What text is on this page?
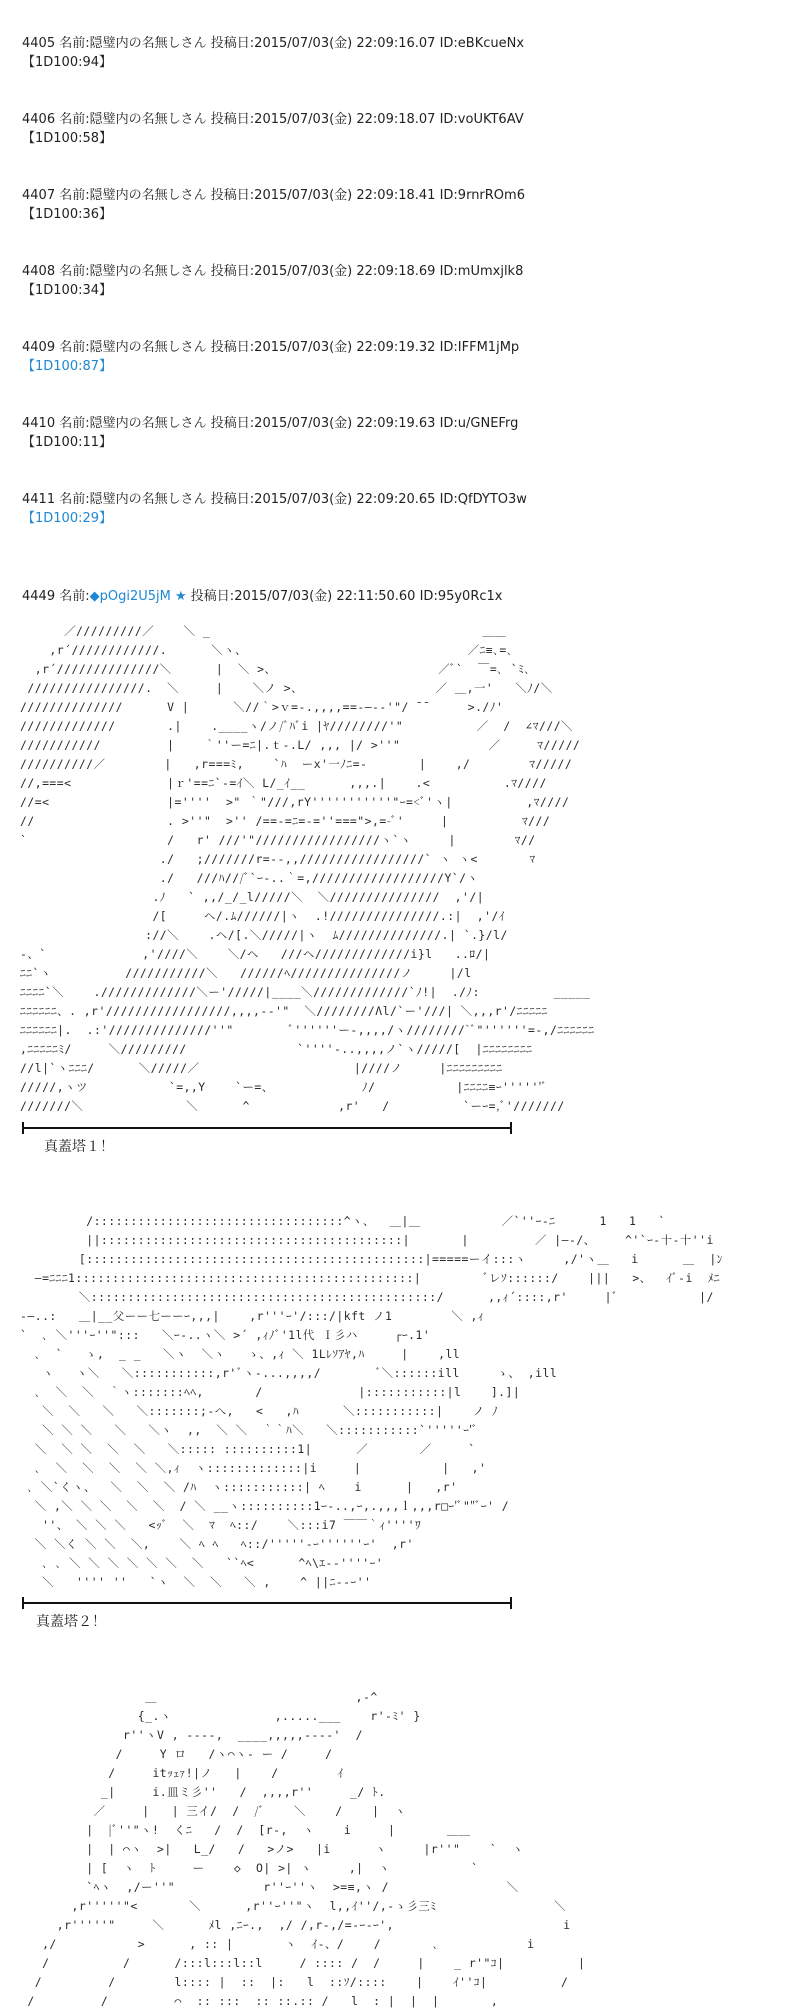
4405 名前:隠璧内の名無しさん 投稿日:2015/07/03(金) 22:09:16.07 ID:eBKcueNx
【1D100:94】
4406 名前:隠璧内の名無しさん 投稿日:2015/07/03(金) 22:09:18.07 ID:voUKT6AV
【1D100:58】
4407 名前:隠璧内の名無しさん 投稿日:2015/07/03(金) 22:09:18.41 ID:9rnrROm6
【1D100:36】
4408 名前:隠璧内の名無しさん 投稿日:2015/07/03(金) 22:09:18.69 ID:mUmxjlk8
【1D100:34】
4409 名前:隠璧内の名無しさん 投稿日:2015/07/03(金) 22:09:19.32 ID:IFFM1jMp
【1D100:87】
4410 名前:隠璧内の名無しさん 投稿日:2015/07/03(金) 22:09:19.63 ID:u/GNEFrg
【1D100:11】
4411 名前:隠璧内の名無しさん 投稿日:2015/07/03(金) 22:09:20.65 ID:QfDYTO3w
【1D100:29】
4449 名前:◆pOgi2U5jM ★ 投稿日:2015/07/03(金) 22:11:50.60 ID:95y0Rc1x
／/////////／    ＼ _                                     ＿＿
,r´////////////.      ＼ヽ、                              ／ﾆ≡､=､
,r´//////////////＼      |  ＼ >、                      ／ﾞ`  ￣=､ `ﾐ､
////////////////.  ＼     |    ＼ノ >、                  ／ ＿,一'   ＼ﾉ/＼
//////////////      V |      ＼//｀>ｖ=-.,,,,==-―‐‐'"/ ̄ ̄      >./ﾉ'
/////////////       .|    .____ヽ/ノ/ﾞﾊﾞi |ﾔ////////'"          ／  /  ∠ﾏ///＼
///////////         |    ｀''ー=ﾆ|.ｔ-.L/ ,,, |/ >''"            ／     ﾏ/////
//////////／        |   ,r===ﾐ,    `ﾊ  ーx'一ﾉﾆ=-       |    ,/        ﾏ/////
//,===<             |ｒ'==ﾆ`-=ｲ＼ L/_ｲ__      ,,,.|    .<          .ﾏ////
//=<                |=''''  >" ｀"///,rY'''''''''''"ｰ=<ﾞ'ヽ|          ,ﾏ////
//                  . >''"  >'' /==-=ﾆ=-=''===">,=-ﾞ'     |          ﾏ///
`                   /   r' ///'"/////////////////ヽ`ヽ     |        ﾏ//
./   ;///////r=--,,/////////////////` ヽ ヽ<       ﾏ
./   ///ﾊ///ﾞ`ｰ-..｀=,//////////////////Y`/ヽ
.ﾉ   ` ,,/_/_l/////＼  ＼///////////////  ,'/|
/[     ヘ/.ﾑ//////|ヽ  .!///////////////.:|  ,'/ｲ
://＼    .ヘ/[.＼/////|ヽ  ﾑ//////////////.| `.}/l/
-、`             ,'////＼    ＼/ヘ   ///ヘ/////////////i}l   ..ﾛ/|
ﾆﾆ`ヽ          ///////////＼   //////ﾍ///////////////ノ     |/l
ﾆﾆﾆﾆ`＼    ./////////////＼ー'/////|____＼/////////////`ﾉ!|  ./ﾉ:          _____
ﾆﾆﾆﾆﾆﾆ、. ,r'/////////////////,,,,--'"  ＼////////Λl/`ー'///| ＼,,,r'/ﾆﾆﾆﾆﾆ
ﾆﾆﾆﾆﾆﾆ|.  .:'//////////////''"        ﾞ''''''ー-,,,,/ヽ////////`ﾞ"''''''=-,/ﾆﾆﾆﾆﾆﾆ
,ﾆﾆﾆﾆﾆﾐ/     ＼/////////               `''''-..,,,,ノ`ヽ/////[  |ﾆﾆﾆﾆﾆﾆﾆﾆ
//l|`ヽﾆﾆﾆ/      ＼/////／                     |////ノ     |ﾆﾆﾆﾆﾆﾆﾆﾆﾆ
/////,ヽツ           `=,,Y    `ー=、            ﾉ/           |ﾆﾆﾆﾆ≡ｰ''''''ﾞ
///////＼              ＼      ^            ,r'   /          `ーｰ=,ﾞ'///////
真蓋塔１！
/::::::::::::::::::::::::::::::::::^ヽ、  ＿|＿           ／`''ｰ-ﾆ      1   1   `
||:::::::::::::::::::::::::::::::::::::::::|       |         ／ |―‐/、    ^'`ｰ‐十‐十''i
[::::::::::::::::::::::::::::::::::::::::::::::|=====ーイ:::ヽ     ,/'ヽ＿   i      ＿  |ﾝ
―=ﾆﾆﾆ1::::::::::::::::::::::::::::::::::::::::::::::|         ﾞレｿ::::::/    |||   >、  ｲﾞ-i  ﾒﾆ
＼:::::::::::::::::::::::::::::::::::::::::::::::/      ,,ｨ´::::,r'     |ﾞ           |/
-―..:   ＿|__父ーー七ーーｰ,,,|    ,r'''ｰ'/:::/|kft ノ1        ＼ ,ｨ
`  ､ ＼'''ｰ''":::   ＼ｰ-..ヽ＼ >´ ,ｨﾉﾞ'1l代 Ｉ彡ハ     ┌ｰ.1'
､  `   ゝ,  _ _   ＼ヽ  ＼ヽ   ゝ、,ｨ ＼ 1Lﾚｿｱﾔ,ﾊ     |    ,ll
ヽ   ヽ＼   ＼:::::::::::,r'ﾞヽ-...,,,,/        ﾞ＼::::::ill     ゝ、 ,ill
､  ＼  ＼  ｀ヽ:::::::ﾍﾍ,       /             |:::::::::::|l    ].]|
＼  ＼   ＼   ＼:::::::;-へ,   <   ,ﾊ      ＼:::::::::::|    ノ ﾉ
＼ ＼ ＼   ＼   ＼ヽ  ,,  ＼ ＼  ｀｀ﾊ＼   ＼:::::::::::`'''''ｰ'ﾞ
＼  ＼ ＼  ＼  ＼   ＼::::: ::::::::::1|      ／       ／     `
､  ＼  ＼  ＼  ＼ ＼,ｨ  ヽ:::::::::::::|i     |           |   ,'
､ ＼`くヽ、  ＼  ＼  ＼ /ﾊ  ヽ:::::::::::| ﾍ    i      |   ,r'
＼ ,＼ ＼ ＼  ＼  ＼  / ＼ __ヽ::::::::::1ｰ-..,ｰ,.,,,ｌ,,,r□ｰ'ﾞ""ﾞｰ' /
''、 ＼ ＼ ＼   <ｯﾞ  ＼  ﾏ  ﾍ::/    ＼:::i7 ￣￣｀ｨ''''ﾜ
＼ ＼く ＼ ＼  ＼,    ＼ ﾍ ﾍ   ﾍ::/'''''-ｰ''''''ｰ'  ,r'
､ ､ ＼ ＼ ＼ ＼ ＼ ＼  ＼   ``ﾍ<      ^ﾍ\ｴ--''''ｰ'
＼   '''' ''   `ヽ  ＼  ＼   ＼ ,    ^ ||ﾆ--ｰ''
真蓋塔２！
＿                           ,-^
{_.ヽ              ,.....___    r'-ﾐ' }
r''ヽV , ----,  ____,,,,,----'  /
/     Y ロ   /ヽ⌒ヽ‐ ー /     /
/     itｯｪｧ!|ノ   |    /        ｲ
_|     i.皿ミ彡''   /  ,,,,r''     _/ ﾄ.
／     |   | 三イ/  /  /ﾞ    ＼    /    |  ヽ
|  |ﾞ''"ヽ!  くﾆ   /  /  [r-,  ヽ    i     |       ＿＿
|  | ⌒ヽ  >|   L_/   /   >ノ>   |i      ヽ     |r''"    `  ヽ
| [  ヽ  ﾄ     ー    ◇  O| >| ヽ     ,|  ヽ           `
`ﾍヽ  ,/ー''"            r''ｰ''ヽ  >=≡,ヽ /                ＼
,r'''''"<       ＼      ,r''ｰ''"ヽ  l,,ｲ''/,-ゝ彡三ﾐ                ＼
,r'''''"     ＼      ﾒl ,ﾆｰ.,  ,/ /,r-,/=-ｰ-ｰ',                       i
,/           >      , :: |       ヽ  ｲ-、/    /       ､            i
/          /      /:::l:::l::l     / :::: /  /     |    _ r'"ｺ|          |
/         /        l:::: |  ::  |:   l  ::ｿ/::::    |    ｲ''ｺ|          /
/         /         ⌒  :: :::  :: ::.:: /   l  : |  |  |       ,
